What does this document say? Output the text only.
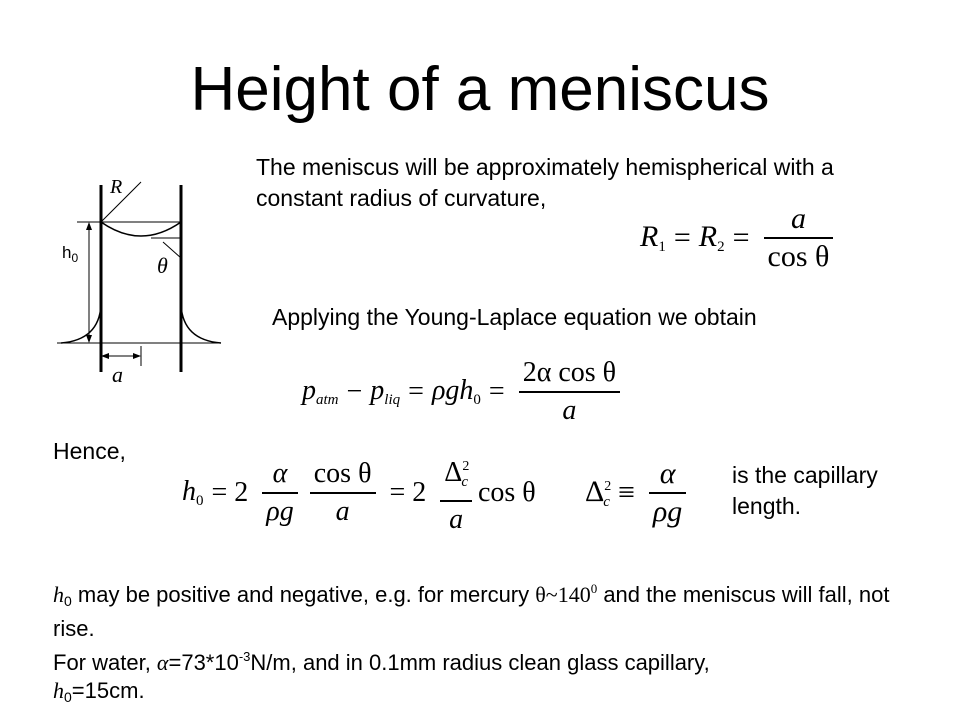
Height of a meniscus
R
θ
$h_0$
a
The meniscus will be approximately hemispherical with a constant radius of curvature,
$R_1 = R_2 = \frac{a}{\text{cos θ}}$
Applying the Young-Laplace equation we obtain
$p_{atm} - p_{liq} = \rho gh_0 = \frac{\text{2α cos θ}}{a}$
Hence,
$h_0 = 2 \frac{\alpha}{\rho g} \frac{\text{cos θ}}{a} = 2 \frac{\Delta^2_c}{a}$ cos θ $\Delta^2_c \equiv \frac{\alpha}{\rho g}$ is the capillary length.
$h_0$ may be positive and negative, e.g. for mercury $\theta\sim 140^0$ and the meniscus will fall, not rise.
For water, $\alpha=73*10^{-3}N/m$, and in 0.1mm radius clean glass capillary,
$h_0=15cm$.
